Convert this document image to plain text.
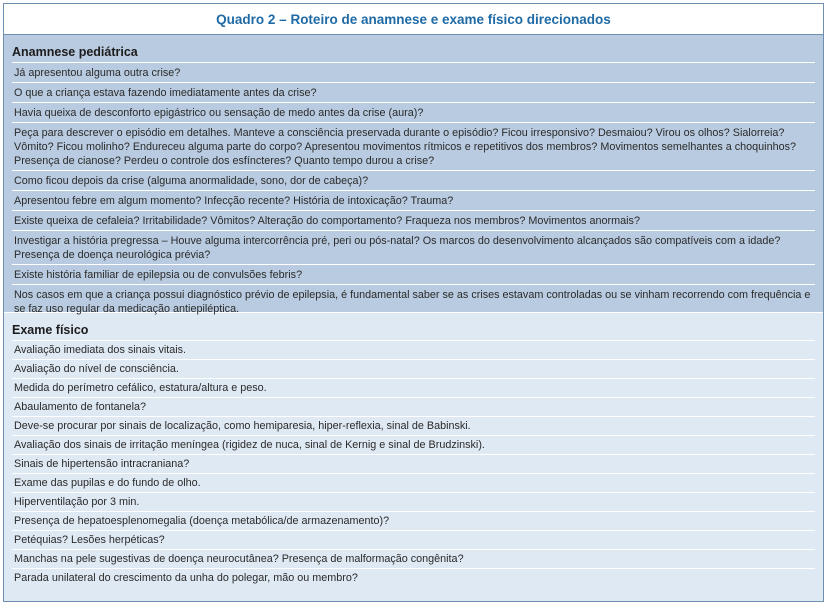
Quadro 2 – Roteiro de anamnese e exame físico direcionados
Anamnese pediátrica
Já apresentou alguma outra crise?
O que a criança estava fazendo imediatamente antes da crise?
Havia queixa de desconforto epigástrico ou sensação de medo antes da crise (aura)?
Peça para descrever o episódio em detalhes. Manteve a consciência preservada durante o episódio? Ficou irresponsivo? Desmaiou? Virou os olhos? Sialorreia? Vômito? Ficou molinho? Endureceu alguma parte do corpo? Apresentou movimentos rítmicos e repetitivos dos membros? Movimentos semelhantes a choquinhos? Presença de cianose? Perdeu o controle dos esfíncteres? Quanto tempo durou a crise?
Como ficou depois da crise (alguma anormalidade, sono, dor de cabeça)?
Apresentou febre em algum momento? Infecção recente? História de intoxicação? Trauma?
Existe queixa de cefaleia? Irritabilidade? Vômitos? Alteração do comportamento? Fraqueza nos membros? Movimentos anormais?
Investigar a história pregressa – Houve alguma intercorrência pré, peri ou pós-natal? Os marcos do desenvolvimento alcançados são compatíveis com a idade? Presença de doença neurológica prévia?
Existe história familiar de epilepsia ou de convulsões febris?
Nos casos em que a criança possui diagnóstico prévio de epilepsia, é fundamental saber se as crises estavam controladas ou se vinham recorrendo com frequência e se faz uso regular da medicação antiepiléptica.
Exame físico
Avaliação imediata dos sinais vitais.
Avaliação do nível de consciência.
Medida do perímetro cefálico, estatura/altura e peso.
Abaulamento de fontanela?
Deve-se procurar por sinais de localização, como hemiparesia, hiper-reflexia, sinal de Babinski.
Avaliação dos sinais de irritação meníngea (rigidez de nuca, sinal de Kernig e sinal de Brudzinski).
Sinais de hipertensão intracraniana?
Exame das pupilas e do fundo de olho.
Hiperventilação por 3 min.
Presença de hepatoesplenomegalia (doença metabólica/de armazenamento)?
Petéquias? Lesões herpéticas?
Manchas na pele sugestivas de doença neurocutânea? Presença de malformação congênita?
Parada unilateral do crescimento da unha do polegar, mão ou membro?
